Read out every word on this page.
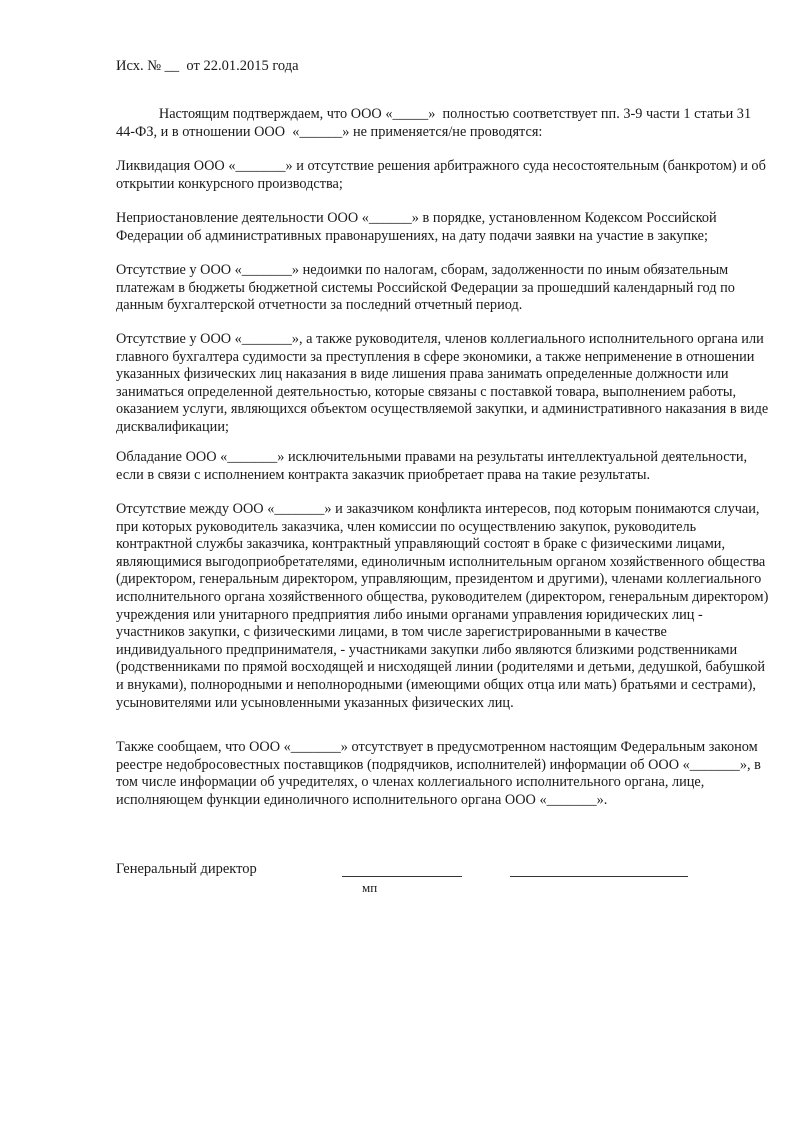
Исх. № __  от 22.01.2015 года

Настоящим подтверждаем, что ООО «_____»  полностью соответствует пп. 3-9 части 1 статьи 31 44-ФЗ, и в отношении ООО  «______» не применяется/не проводятся:

Ликвидация ООО «_______» и отсутствие решения арбитражного суда несостоятельным (банкротом) и об открытии конкурсного производства;

Неприостановление деятельности ООО «______» в порядке, установленном Кодексом Российской Федерации об административных правонарушениях, на дату подачи заявки на участие в закупке;

Отсутствие у ООО «_______» недоимки по налогам, сборам, задолженности по иным обязательным платежам в бюджеты бюджетной системы Российской Федерации за прошедший календарный год по данным бухгалтерской отчетности за последний отчетный период.

Отсутствие у ООО «_______», а также руководителя, членов коллегиального исполнительного органа или главного бухгалтера судимости за преступления в сфере экономики, а также неприменение в отношении указанных физических лиц наказания в виде лишения права занимать определенные должности или заниматься определенной деятельностью, которые связаны с поставкой товара, выполнением работы, оказанием услуги, являющихся объектом осуществляемой закупки, и административного наказания в виде дисквалификации;

Обладание ООО «_______» исключительными правами на результаты интеллектуальной деятельности, если в связи с исполнением контракта заказчик приобретает права на такие результаты.

Отсутствие между ООО «_______» и заказчиком конфликта интересов, под которым понимаются случаи, при которых руководитель заказчика, член комиссии по осуществлению закупок, руководитель контрактной службы заказчика, контрактный управляющий состоят в браке с физическими лицами, являющимися выгодоприобретателями, единоличным исполнительным органом хозяйственного общества (директором, генеральным директором, управляющим, президентом и другими), членами коллегиального исполнительного органа хозяйственного общества, руководителем (директором, генеральным директором) учреждения или унитарного предприятия либо иными органами управления юридических лиц - участников закупки, с физическими лицами, в том числе зарегистрированными в качестве индивидуального предпринимателя, - участниками закупки либо являются близкими родственниками (родственниками по прямой восходящей и нисходящей линии (родителями и детьми, дедушкой, бабушкой и внуками), полнородными и неполнородными (имеющими общих отца или мать) братьями и сестрами), усыновителями или усыновленными указанных физических лиц.

Также сообщаем, что ООО «_______» отсутствует в предусмотренном настоящим Федеральным законом реестре недобросовестных поставщиков (подрядчиков, исполнителей) информации об ООО «_______», в том числе информации об учредителях, о членах коллегиального исполнительного органа, лице, исполняющем функции единоличного исполнительного органа ООО «_______».

Генеральный директор
мп
